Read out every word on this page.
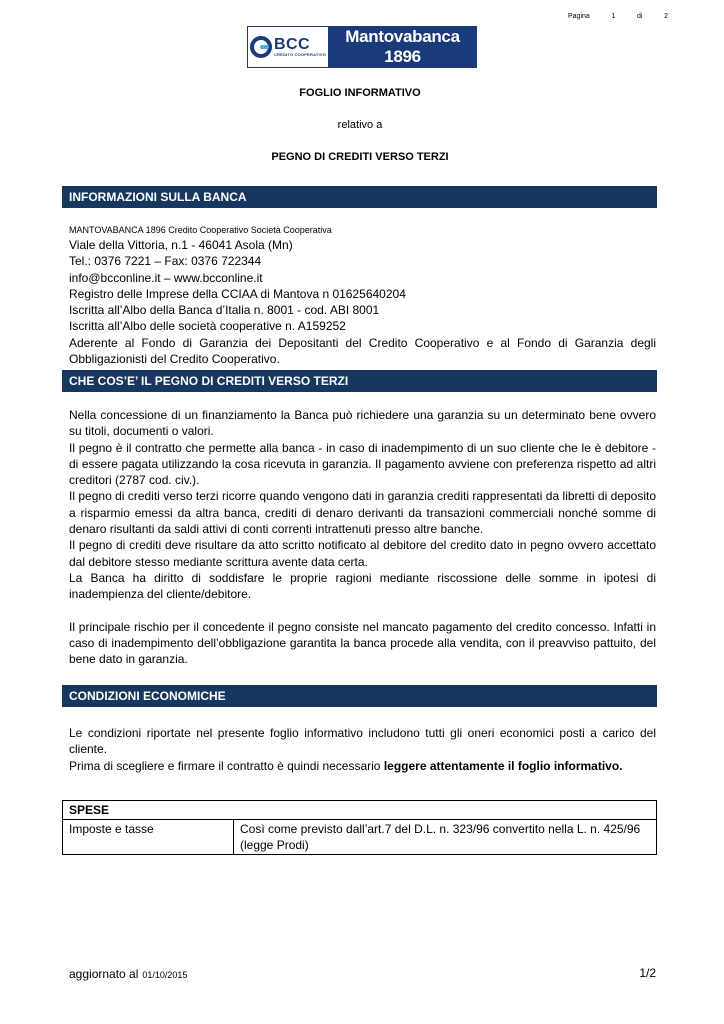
Pagina	1	di	2
BCC
CREDITO COOPERATIVO
Mantovabanca 1896
FOGLIO INFORMATIVO
relativo a
PEGNO DI CREDITI VERSO TERZI
INFORMAZIONI SULLA BANCA

MANTOVABANCA 1896 Credito Cooperativo Società Cooperativa

Viale della Vittoria, n.1 - 46041 Asola (Mn)

Tel.: 0376 7221 – Fax: 0376 722344

info@bcconline.it – www.bcconline.it

Registro delle Imprese della CCIAA di Mantova n 01625640204

Iscritta all’Albo della Banca d’Italia n. 8001 - cod. ABI 8001

Iscritta all’Albo delle società cooperative n. A159252

Aderente al Fondo di Garanzia dei Depositanti del Credito Cooperativo e al Fondo di Garanzia degli Obbligazionisti del Credito Cooperativo.

CHE COS’E’ IL PEGNO DI CREDITI VERSO TERZI

Nella concessione di un finanziamento la Banca può richiedere una garanzia su un determinato bene ovvero su titoli, documenti o valori.

Il pegno è il contratto che permette alla banca - in caso di inadempimento di un suo cliente che le è debitore - di essere pagata utilizzando la cosa ricevuta in garanzia. Il pagamento avviene con preferenza rispetto ad altri creditori (2787 cod. civ.).

Il pegno di crediti verso terzi ricorre quando vengono dati in garanzia crediti rappresentati da libretti di deposito a risparmio emessi da altra banca, crediti di denaro derivanti da transazioni commerciali nonché somme di denaro risultanti da saldi attivi di conti correnti intrattenuti presso altre banche.

Il pegno di crediti deve risultare da atto scritto notificato al debitore del credito dato in pegno ovvero accettato dal debitore stesso mediante scrittura avente data certa.

La Banca ha diritto di soddisfare le proprie ragioni mediante riscossione delle somme in ipotesi di inadempienza del cliente/debitore.

Il principale rischio per il concedente il pegno consiste nel mancato pagamento del credito concesso. Infatti in caso di inadempimento dell’obbligazione garantita la banca procede alla vendita, con il preavviso pattuito, del bene dato in garanzia.

CONDIZIONI ECONOMICHE

Le condizioni riportate nel presente foglio informativo includono tutti gli oneri economici posti a carico del cliente.

Prima di scegliere e firmare il contratto è quindi necessario leggere attentamente il foglio informativo.

SPESE
Imposte e tasse	Così come previsto dall’art.7 del D.L. n. 323/96 convertito nella L. n. 425/96 (legge Prodi)
aggiornato al 01/10/2015	1/2
